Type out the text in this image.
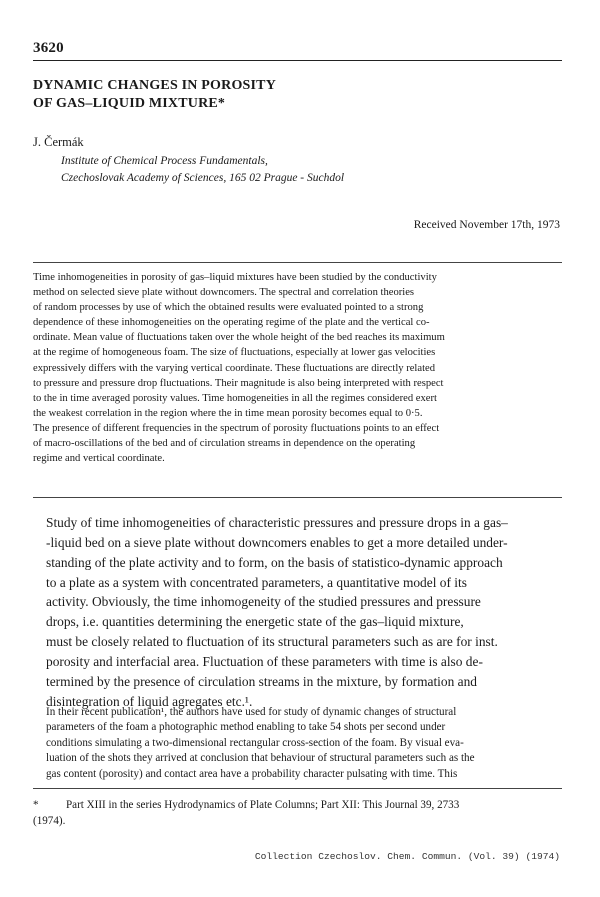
3620
DYNAMIC CHANGES IN POROSITY
OF GAS–LIQUID MIXTURE*
J. Čermák
Institute of Chemical Process Fundamentals,
Czechoslovak Academy of Sciences, 165 02 Prague - Suchdol
Received November 17th, 1973
Time inhomogeneities in porosity of gas–liquid mixtures have been studied by the conductivity
method on selected sieve plate without downcomers. The spectral and correlation theories
of random processes by use of which the obtained results were evaluated pointed to a strong
dependence of these inhomogeneities on the operating regime of the plate and the vertical co-
ordinate. Mean value of fluctuations taken over the whole height of the bed reaches its maximum
at the regime of homogeneous foam. The size of fluctuations, especially at lower gas velocities
expressively differs with the varying vertical coordinate. These fluctuations are directly related
to pressure and pressure drop fluctuations. Their magnitude is also being interpreted with respect
to the in time averaged porosity values. Time homogeneities in all the regimes considered exert
the weakest correlation in the region where the in time mean porosity becomes equal to 0·5.
The presence of different frequencies in the spectrum of porosity fluctuations points to an effect
of macro-oscillations of the bed and of circulation streams in dependence on the operating
regime and vertical coordinate.
Study of time inhomogeneities of characteristic pressures and pressure drops in a gas–
-liquid bed on a sieve plate without downcomers enables to get a more detailed under-
standing of the plate activity and to form, on the basis of statistico-dynamic approach
to a plate as a system with concentrated parameters, a quantitative model of its
activity. Obviously, the time inhomogeneity of the studied pressures and pressure
drops, i.e. quantities determining the energetic state of the gas–liquid mixture,
must be closely related to fluctuation of its structural parameters such as are for inst.
porosity and interfacial area. Fluctuation of these parameters with time is also de-
termined by the presence of circulation streams in the mixture, by formation and
disintegration of liquid agregates etc.¹.
In their recent publication¹, the authors have used for study of dynamic changes of structural
parameters of the foam a photographic method enabling to take 54 shots per second under
conditions simulating a two-dimensional rectangular cross-section of the foam. By visual eva-
luation of the shots they arrived at conclusion that behaviour of structural parameters such as the
gas content (porosity) and contact area have a probability character pulsating with time. This
* Part XIII in the series Hydrodynamics of Plate Columns; Part XII: This Journal 39, 2733
(1974).
Collection Czechoslov. Chem. Commun. (Vol. 39) (1974)
